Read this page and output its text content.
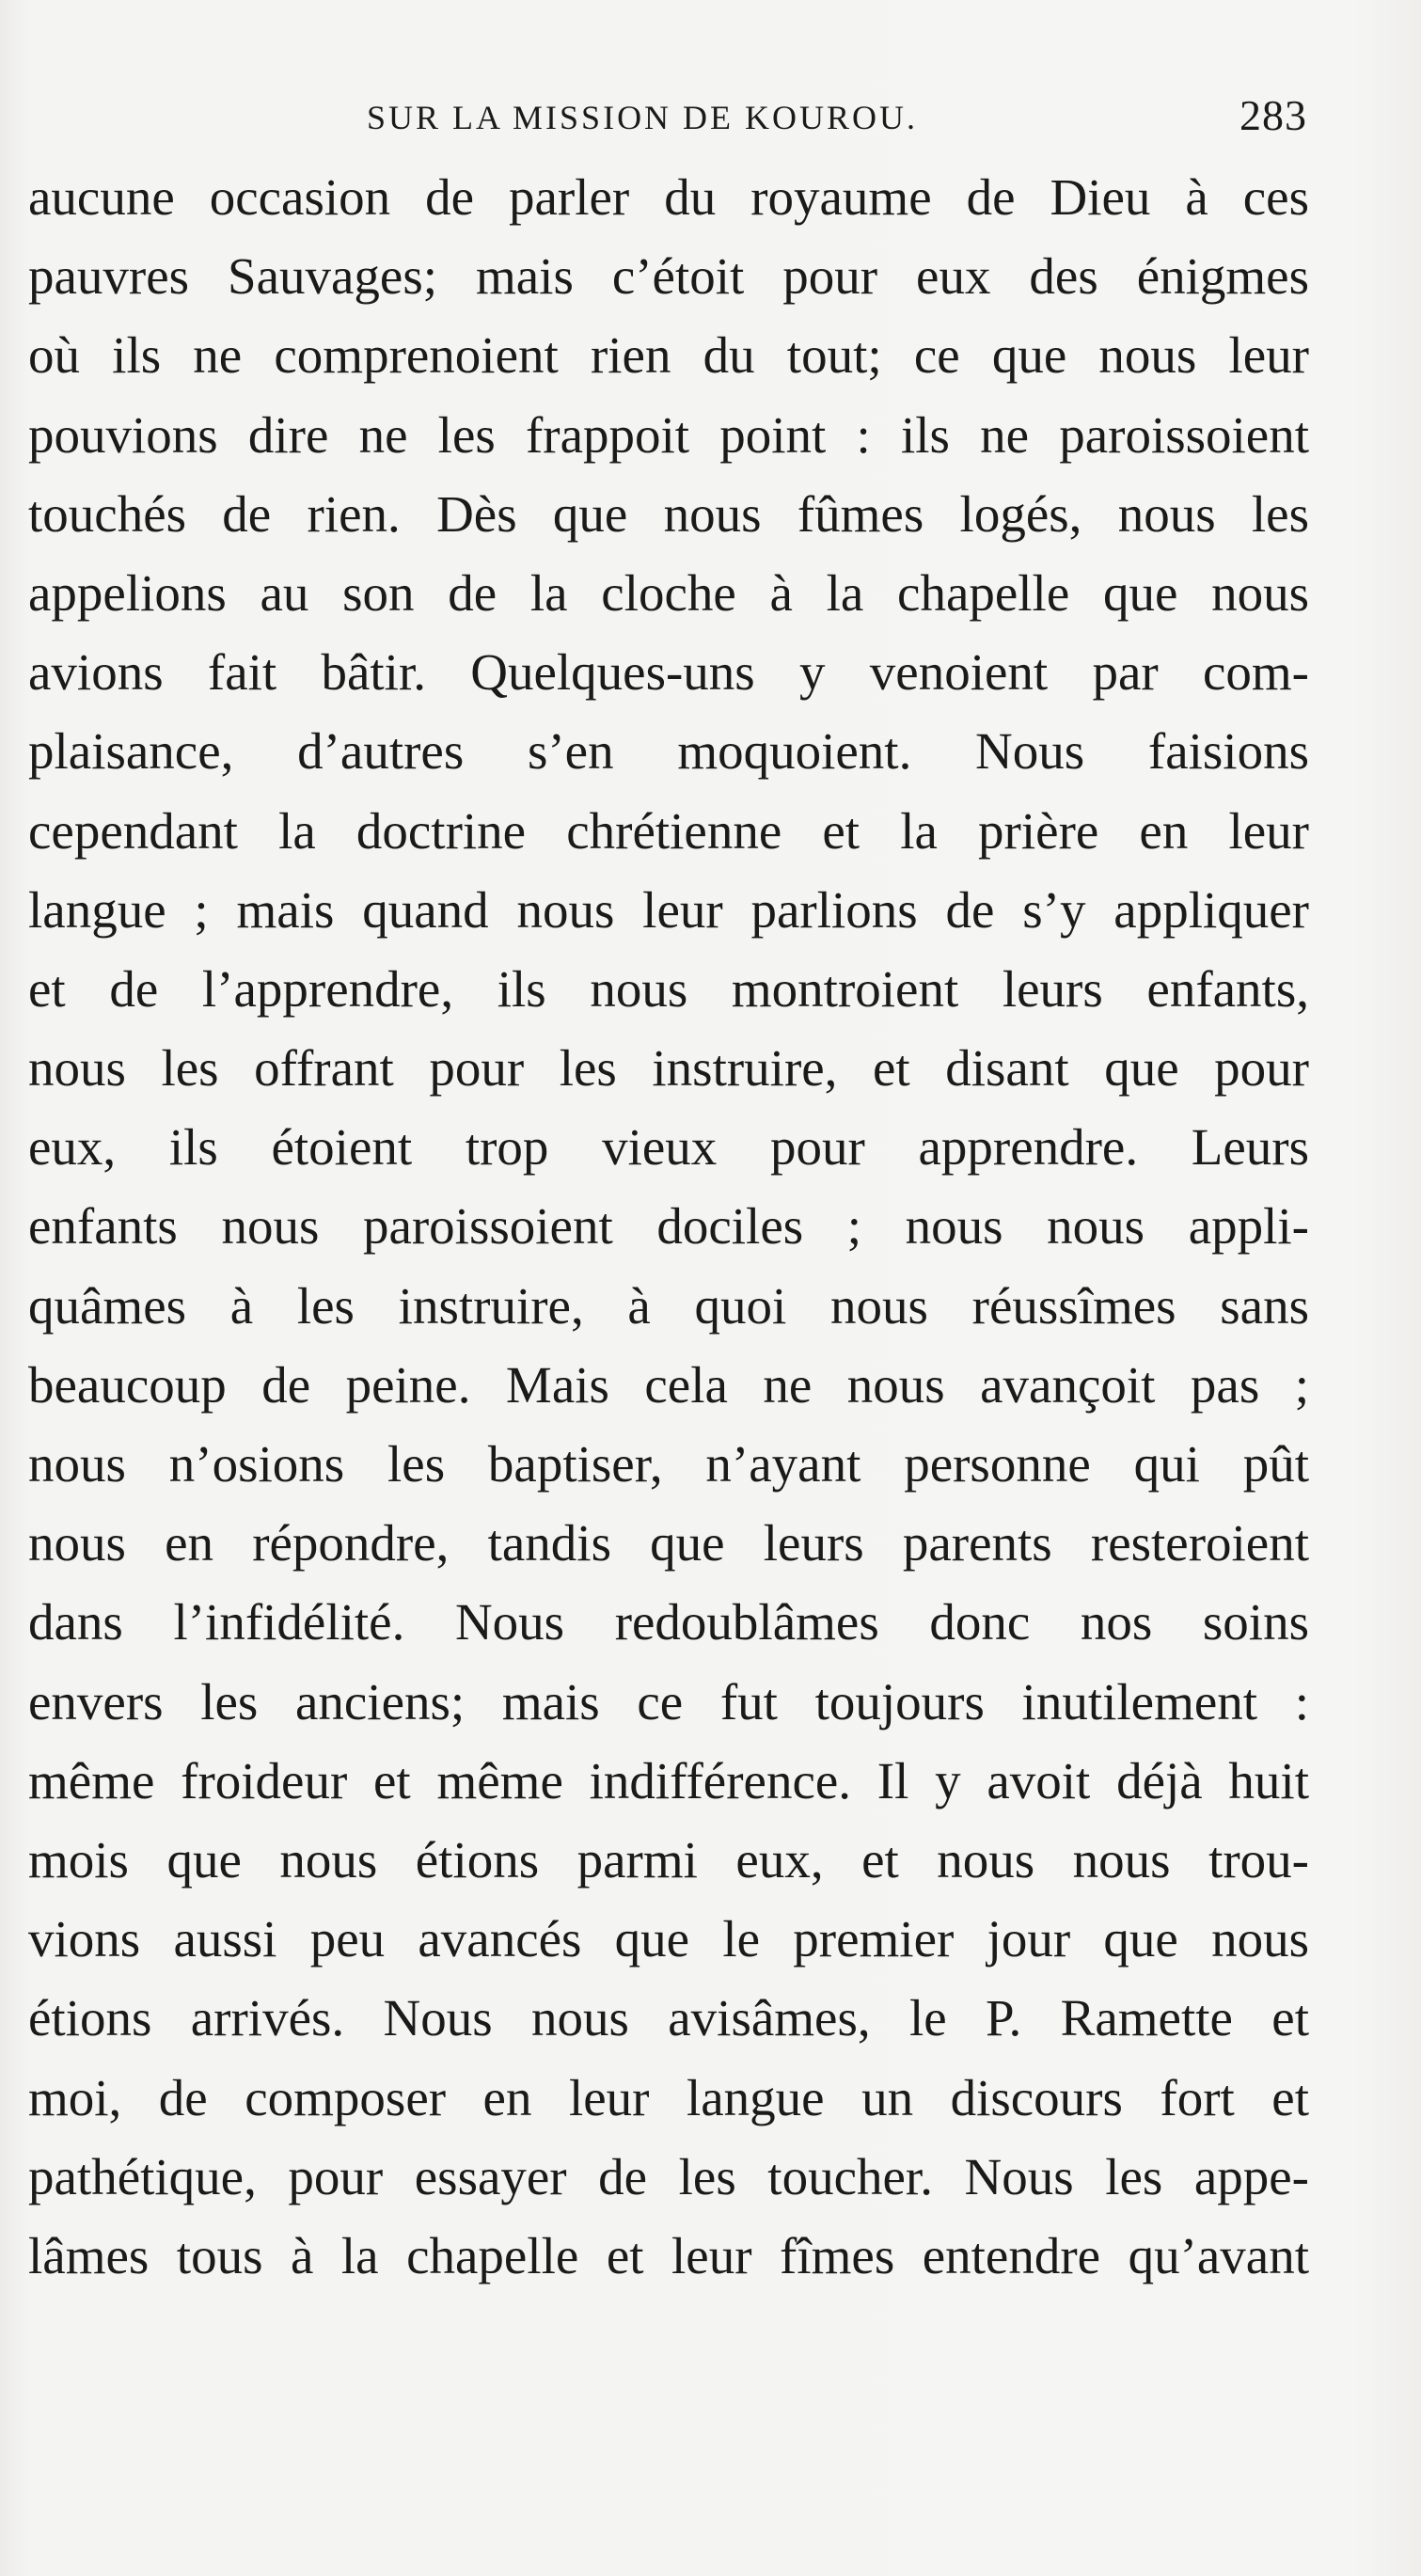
SUR LA MISSION DE KOUROU.	283
aucune occasion de parler du royaume de Dieu à ces
pauvres Sauvages; mais c’étoit pour eux des énigmes
où ils ne comprenoient rien du tout; ce que nous leur
pouvions dire ne les frappoit point : ils ne paroissoient
touchés de rien. Dès que nous fûmes logés, nous les
appelions au son de la cloche à la chapelle que nous
avions fait bâtir. Quelques-uns y venoient par com-
plaisance, d’autres s’en moquoient. Nous faisions
cependant la doctrine chrétienne et la prière en leur
langue ; mais quand nous leur parlions de s’y appliquer
et de l’apprendre, ils nous montroient leurs enfants,
nous les offrant pour les instruire, et disant que pour
eux, ils étoient trop vieux pour apprendre. Leurs
enfants nous paroissoient dociles ; nous nous appli-
quâmes à les instruire, à quoi nous réussîmes sans
beaucoup de peine. Mais cela ne nous avançoit pas ;
nous n’osions les baptiser, n’ayant personne qui pût
nous en répondre, tandis que leurs parents resteroient
dans l’infidélité. Nous redoublâmes donc nos soins
envers les anciens; mais ce fut toujours inutilement :
même froideur et même indifférence. Il y avoit déjà huit
mois que nous étions parmi eux, et nous nous trou-
vions aussi peu avancés que le premier jour que nous
étions arrivés. Nous nous avisâmes, le P. Ramette et
moi, de composer en leur langue un discours fort et
pathétique, pour essayer de les toucher. Nous les appe-
lâmes tous à la chapelle et leur fîmes entendre qu’avant
